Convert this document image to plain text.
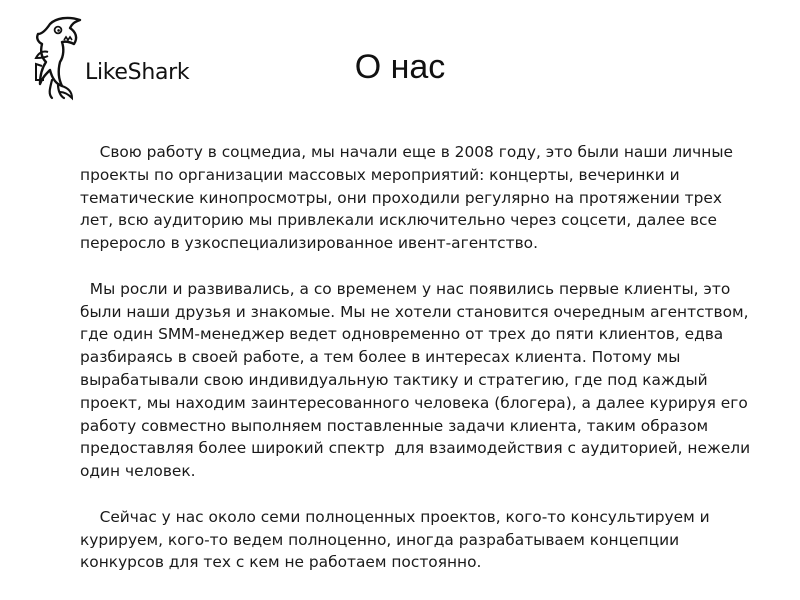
LikeShark	О нас

Свою работу в соцмедиа, мы начали еще в 2008 году, это были наши личные проекты по организации массовых мероприятий: концерты, вечеринки и тематические кинопросмотры, они проходили регулярно на протяжении трех лет, всю аудиторию мы привлекали исключительно через соцсети, далее все переросло в узкоспециализированное ивент-агентство.

Мы росли и развивались, а со временем у нас появились первые клиенты, это были наши друзья и знакомые. Мы не хотели становится очередным агентством, где один SMM-менеджер ведет одновременно от трех до пяти клиентов, едва разбираясь в своей работе, а тем более в интересах клиента. Потому мы вырабатывали свою индивидуальную тактику и стратегию, где под каждый проект, мы находим заинтересованного человека (блогера), а далее курируя его работу совместно выполняем поставленные задачи клиента, таким образом предоставляя более широкий спектр  для взаимодействия с аудиторией, нежели один человек.

Сейчас у нас около семи полноценных проектов, кого-то консультируем и курируем, кого-то ведем полноценно, иногда разрабатываем концепции конкурсов для тех с кем не работаем постоянно.
